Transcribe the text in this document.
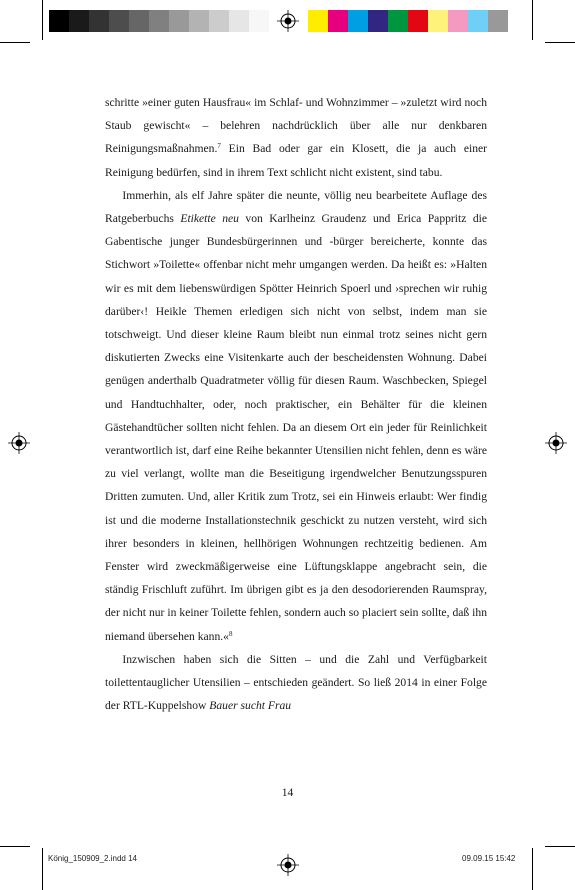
schritte »einer guten Hausfrau« im Schlaf- und Wohnzimmer – »zuletzt wird noch Staub gewischt« – belehren nachdrücklich über alle nur denkbaren Reinigungsmaßnahmen.$^7$ Ein Bad oder gar ein Klosett, die ja auch einer Reinigung bedürfen, sind in ihrem Text schlicht nicht existent, sind tabu.

Immerhin, als elf Jahre später die neunte, völlig neu bearbeitete Auflage des Ratgeberbuchs Etikette neu von Karlheinz Graudenz und Erica Pappritz die Gabentische junger Bundesbürgerinnen und -bürger bereicherte, konnte das Stichwort »Toilette« offenbar nicht mehr umgangen werden. Da heißt es: »Halten wir es mit dem liebenswürdigen Spötter Heinrich Spoerl und ›sprechen wir ruhig darüber‹! Heikle Themen erledigen sich nicht von selbst, indem man sie totschweigt. Und dieser kleine Raum bleibt nun einmal trotz seines nicht gern diskutierten Zwecks eine Visitenkarte auch der bescheidensten Wohnung. Dabei genügen anderthalb Quadratmeter völlig für diesen Raum. Waschbecken, Spiegel und Handtuchhalter, oder, noch praktischer, ein Behälter für die kleinen Gästehandtücher sollten nicht fehlen. Da an diesem Ort ein jeder für Reinlichkeit verantwortlich ist, darf eine Reihe bekannter Utensilien nicht fehlen, denn es wäre zu viel verlangt, wollte man die Beseitigung irgendwelcher Benutzungsspuren Dritten zumuten. Und, aller Kritik zum Trotz, sei ein Hinweis erlaubt: Wer findig ist und die moderne Installationstechnik geschickt zu nutzen versteht, wird sich ihrer besonders in kleinen, hellhörigen Wohnungen rechtzeitig bedienen. Am Fenster wird zweckmäßigerweise eine Lüftungsklappe angebracht sein, die ständig Frischluft zuführt. Im übrigen gibt es ja den desodorierenden Raumspray, der nicht nur in keiner Toilette fehlen, sondern auch so placiert sein sollte, daß ihn niemand übersehen kann.«$^8$

Inzwischen haben sich die Sitten – und die Zahl und Verfügbarkeit toilettentauglicher Utensilien – entschieden geändert. So ließ 2014 in einer Folge der RTL-Kuppelshow Bauer sucht Frau

14
König_150909_2.indd 14	09.09.15 15:42
